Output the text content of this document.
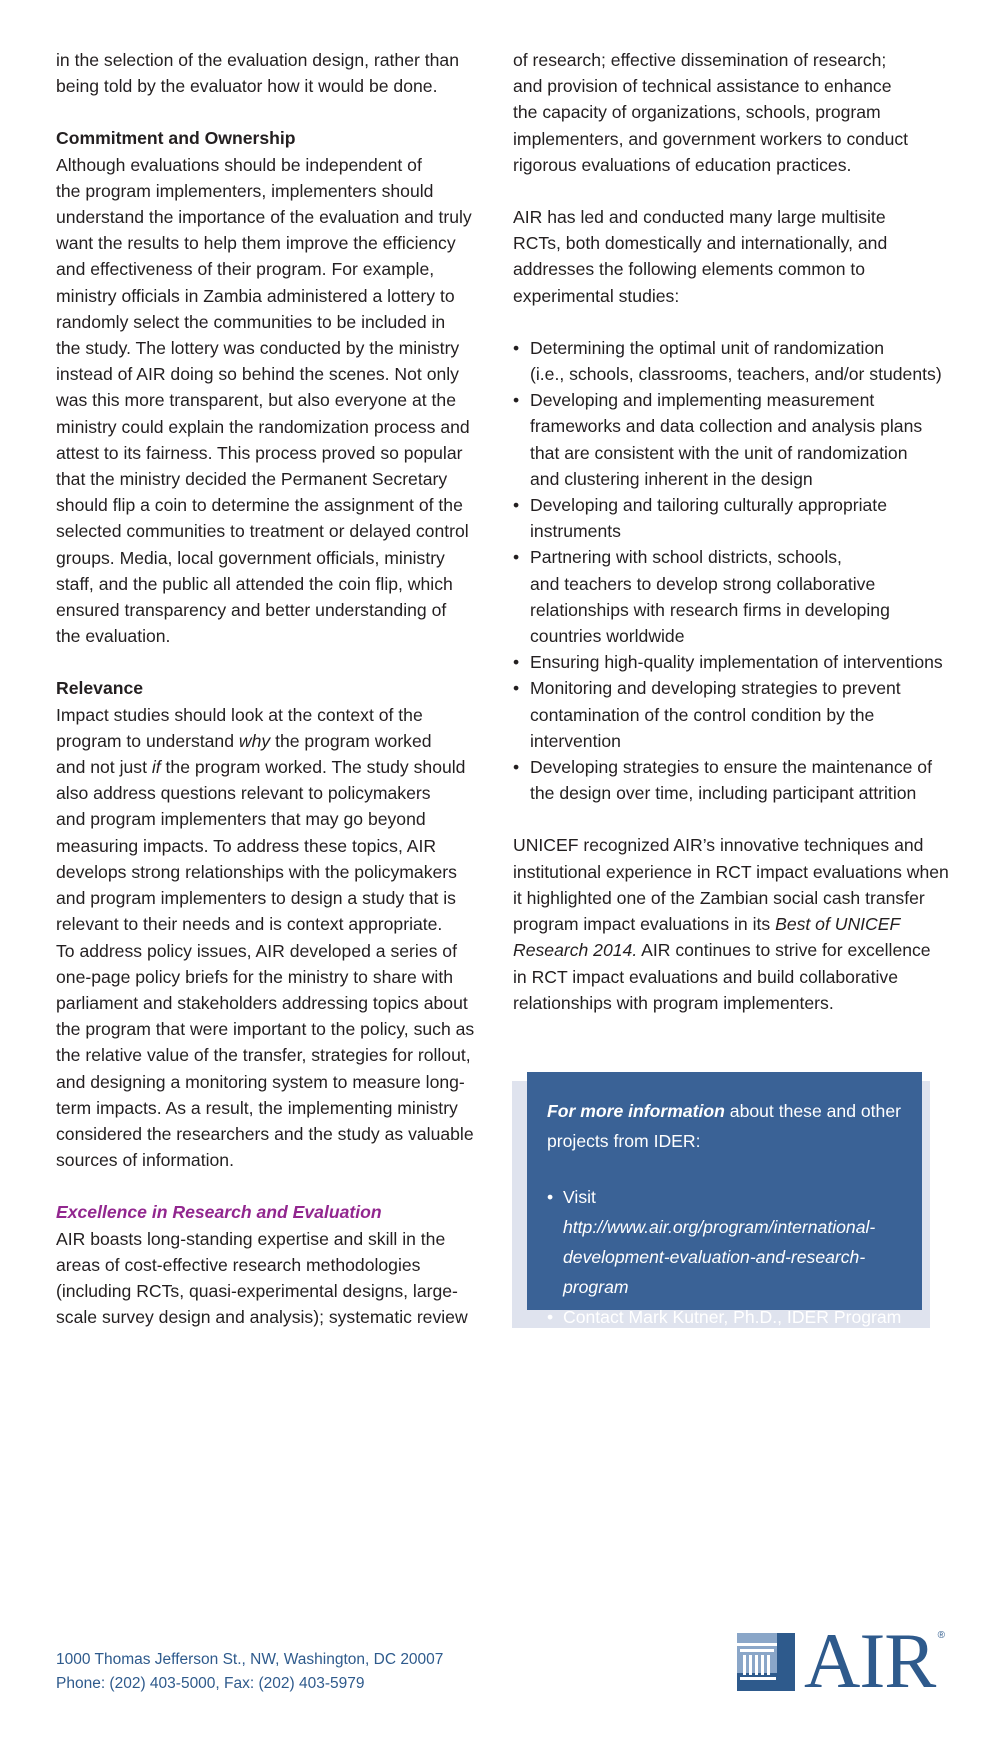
in the selection of the evaluation design, rather than

being told by the evaluator how it would be done.

Commitment and Ownership

Although evaluations should be independent of

the program implementers, implementers should

understand the importance of the evaluation and truly

want the results to help them improve the efficiency

and effectiveness of their program. For example,

ministry officials in Zambia administered a lottery to

randomly select the communities to be included in

the study. The lottery was conducted by the ministry

instead of AIR doing so behind the scenes. Not only

was this more transparent, but also everyone at the

ministry could explain the randomization process and

attest to its fairness. This process proved so popular

that the ministry decided the Permanent Secretary

should flip a coin to determine the assignment of the

selected communities to treatment or delayed control

groups. Media, local government officials, ministry

staff, and the public all attended the coin flip, which

ensured transparency and better understanding of

the evaluation.

Relevance

Impact studies should look at the context of the

program to understand why the program worked

and not just if the program worked. The study should

also address questions relevant to policymakers

and program implementers that may go beyond

measuring impacts. To address these topics, AIR

develops strong relationships with the policymakers

and program implementers to design a study that is

relevant to their needs and is context appropriate.

To address policy issues, AIR developed a series of

one-page policy briefs for the ministry to share with

parliament and stakeholders addressing topics about

the program that were important to the policy, such as

the relative value of the transfer, strategies for rollout,

and designing a monitoring system to measure long-

term impacts. As a result, the implementing ministry

considered the researchers and the study as valuable

sources of information.

Excellence in Research and Evaluation

AIR boasts long-standing expertise and skill in the

areas of cost-effective research methodologies

(including RCTs, quasi-experimental designs, large-

scale survey design and analysis); systematic review

of research; effective dissemination of research;

and provision of technical assistance to enhance

the capacity of organizations, schools, program

implementers, and government workers to conduct

rigorous evaluations of education practices.

AIR has led and conducted many large multisite

RCTs, both domestically and internationally, and

addresses the following elements common to

experimental studies:

• Determining the optimal unit of randomization

(i.e., schools, classrooms, teachers, and/or students)

• Developing and implementing measurement

frameworks and data collection and analysis plans

that are consistent with the unit of randomization

and clustering inherent in the design

• Developing and tailoring culturally appropriate

instruments

• Partnering with school districts, schools,

and teachers to develop strong collaborative

relationships with research firms in developing

countries worldwide

• Ensuring high-quality implementation of interventions

• Monitoring and developing strategies to prevent

contamination of the control condition by the

intervention

• Developing strategies to ensure the maintenance of

the design over time, including participant attrition

UNICEF recognized AIR’s innovative techniques and

institutional experience in RCT impact evaluations when

it highlighted one of the Zambian social cash transfer

program impact evaluations in its Best of UNICEF

Research 2014. AIR continues to strive for excellence

in RCT impact evaluations and build collaborative

relationships with program implementers.

For more information about these and other

projects from IDER:

• Visit http://www.air.org/program/international-

development-evaluation-and-research-program

• Contact Mark Kutner, Ph.D., IDER Program

Director, mkutner@air.org

1000 Thomas Jefferson St., NW, Washington, DC 20007
Phone: (202) 403-5000, Fax: (202) 403-5979	AIR ®
